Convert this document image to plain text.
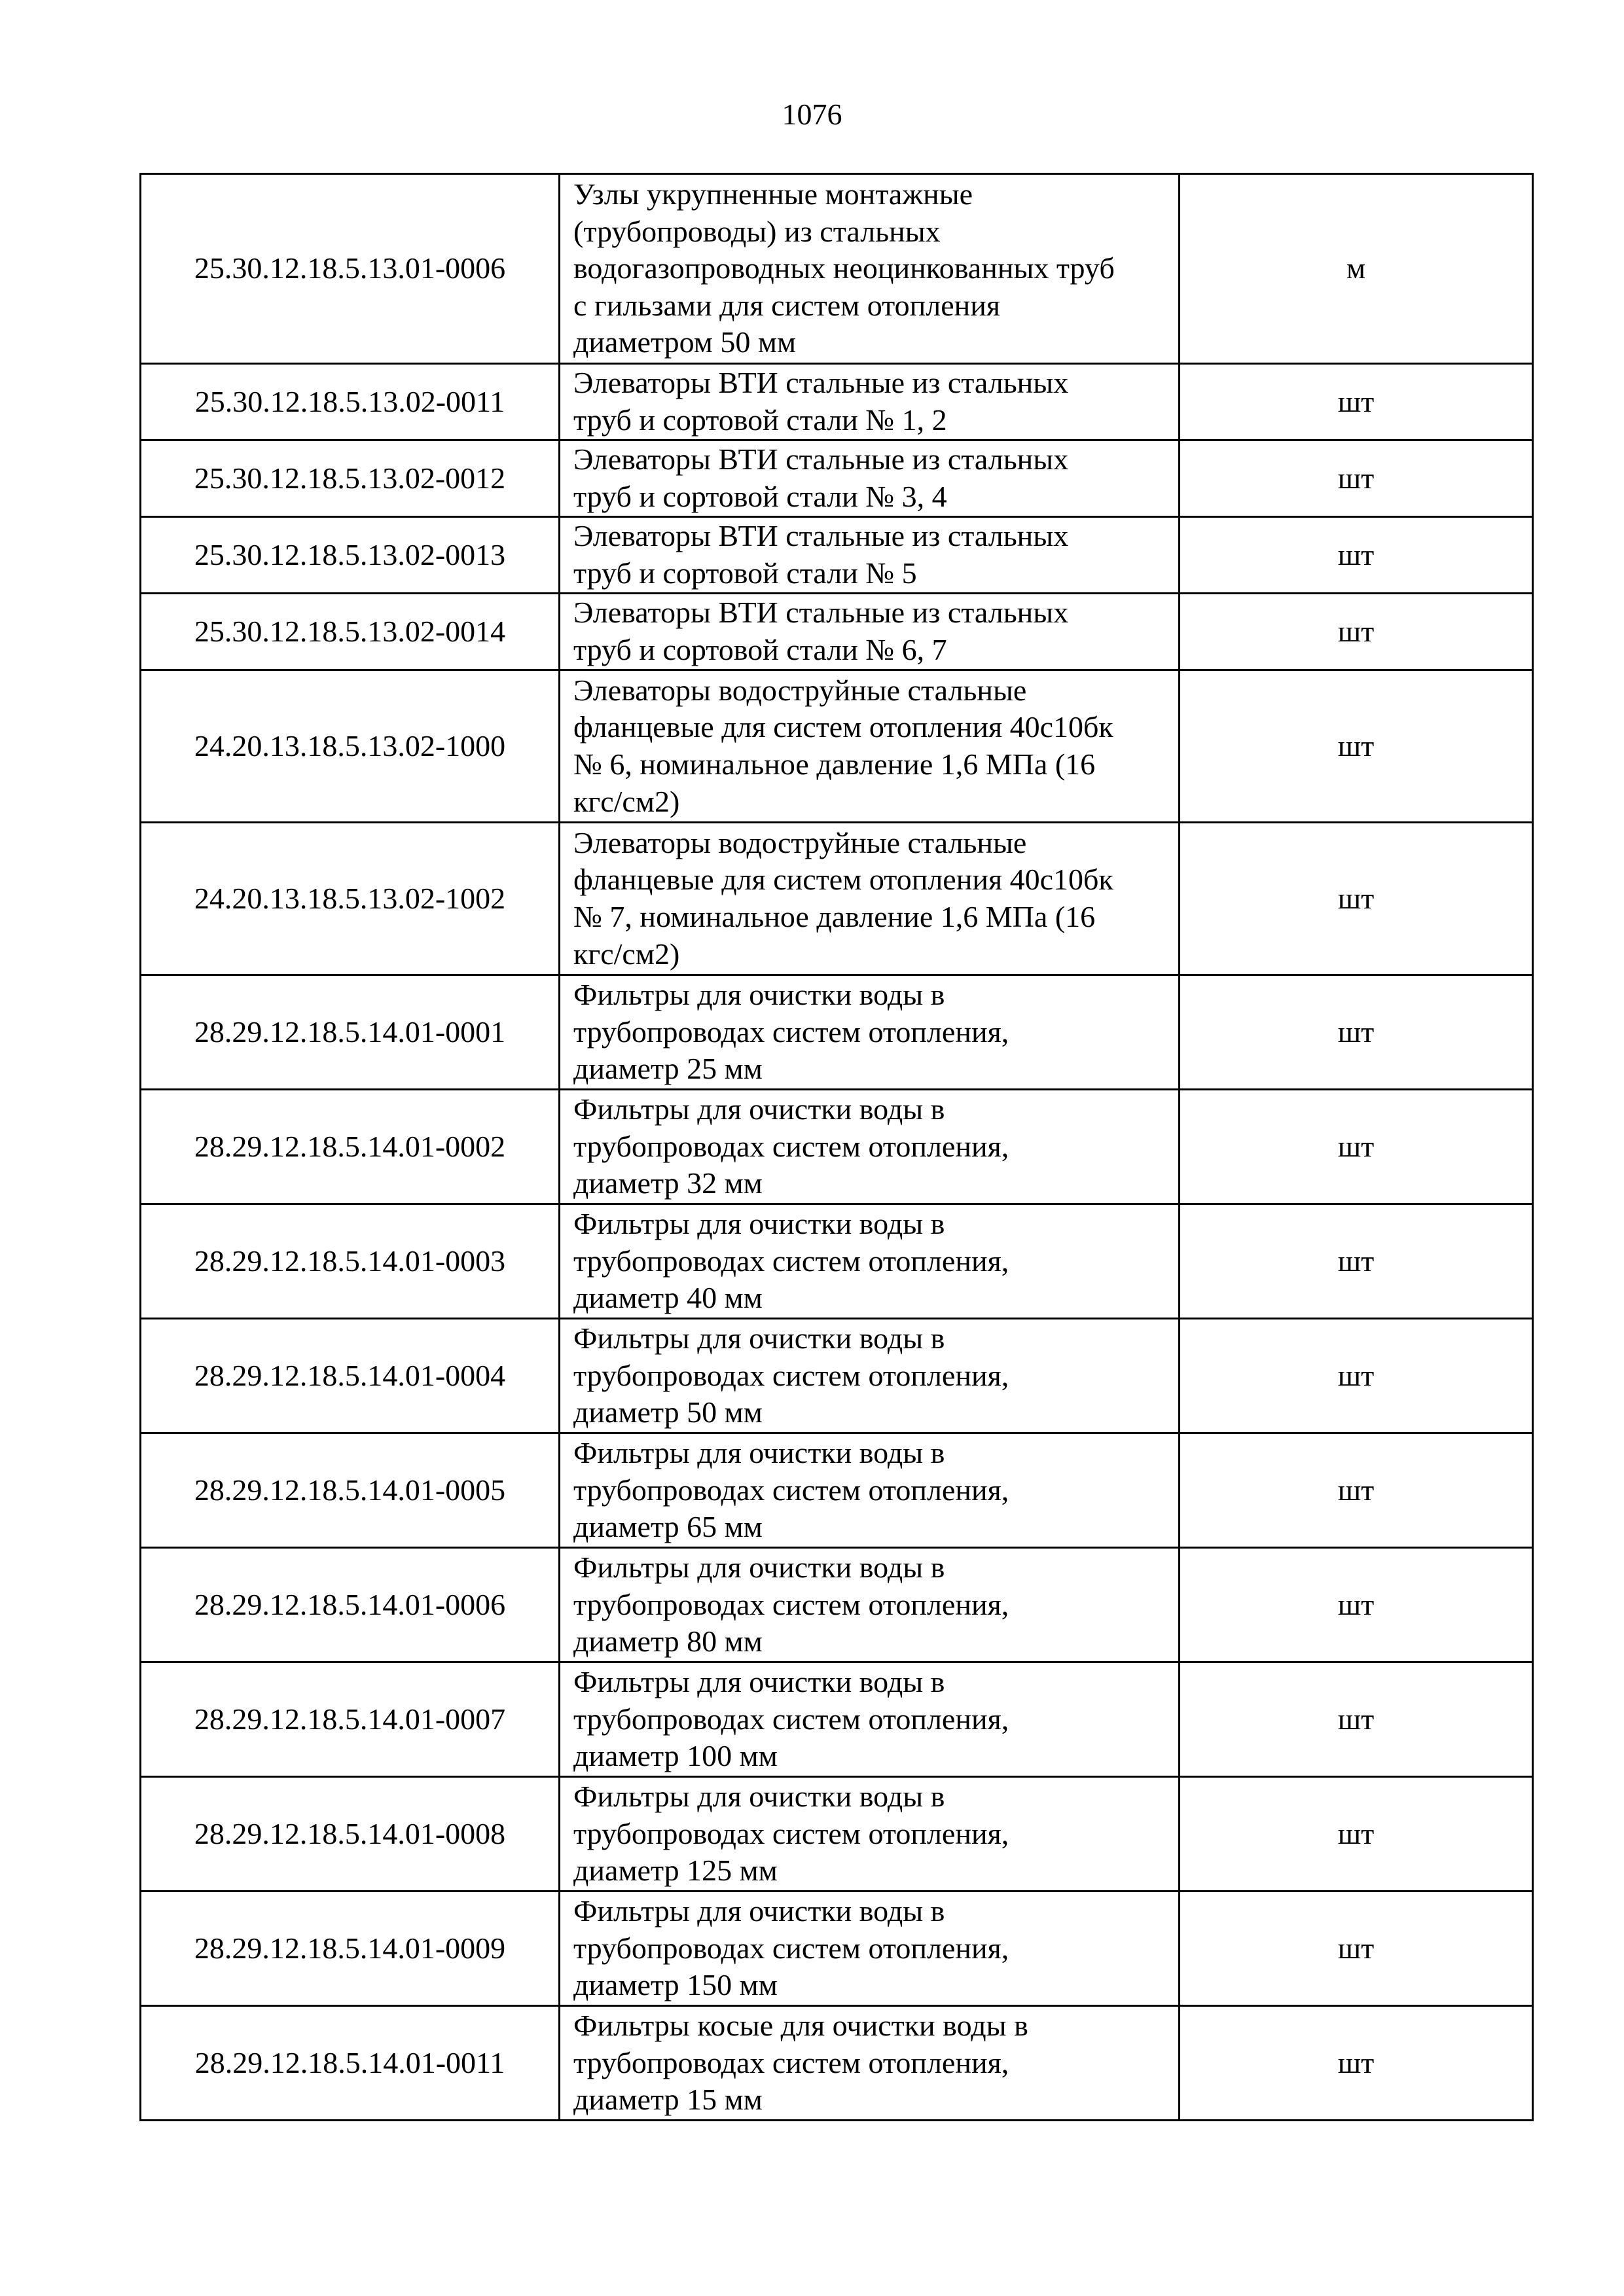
1076
25.30.12.18.5.13.01-0006	Узлы укрупненные монтажные
(трубопроводы) из стальных
водогазопроводных неоцинкованных труб
с гильзами для систем отопления
диаметром 50 мм	м
25.30.12.18.5.13.02-0011	Элеваторы ВТИ стальные из стальных
труб и сортовой стали № 1, 2	шт
25.30.12.18.5.13.02-0012	Элеваторы ВТИ стальные из стальных
труб и сортовой стали № 3, 4	шт
25.30.12.18.5.13.02-0013	Элеваторы ВТИ стальные из стальных
труб и сортовой стали № 5	шт
25.30.12.18.5.13.02-0014	Элеваторы ВТИ стальные из стальных
труб и сортовой стали № 6, 7	шт
24.20.13.18.5.13.02-1000	Элеваторы водоструйные стальные
фланцевые для систем отопления 40с10бк
№ 6, номинальное давление 1,6 МПа (16
кгс/см2)	шт
24.20.13.18.5.13.02-1002	Элеваторы водоструйные стальные
фланцевые для систем отопления 40с10бк
№ 7, номинальное давление 1,6 МПа (16
кгс/см2)	шт
28.29.12.18.5.14.01-0001	Фильтры для очистки воды в
трубопроводах систем отопления,
диаметр 25 мм	шт
28.29.12.18.5.14.01-0002	Фильтры для очистки воды в
трубопроводах систем отопления,
диаметр 32 мм	шт
28.29.12.18.5.14.01-0003	Фильтры для очистки воды в
трубопроводах систем отопления,
диаметр 40 мм	шт
28.29.12.18.5.14.01-0004	Фильтры для очистки воды в
трубопроводах систем отопления,
диаметр 50 мм	шт
28.29.12.18.5.14.01-0005	Фильтры для очистки воды в
трубопроводах систем отопления,
диаметр 65 мм	шт
28.29.12.18.5.14.01-0006	Фильтры для очистки воды в
трубопроводах систем отопления,
диаметр 80 мм	шт
28.29.12.18.5.14.01-0007	Фильтры для очистки воды в
трубопроводах систем отопления,
диаметр 100 мм	шт
28.29.12.18.5.14.01-0008	Фильтры для очистки воды в
трубопроводах систем отопления,
диаметр 125 мм	шт
28.29.12.18.5.14.01-0009	Фильтры для очистки воды в
трубопроводах систем отопления,
диаметр 150 мм	шт
28.29.12.18.5.14.01-0011	Фильтры косые для очистки воды в
трубопроводах систем отопления,
диаметр 15 мм	шт
